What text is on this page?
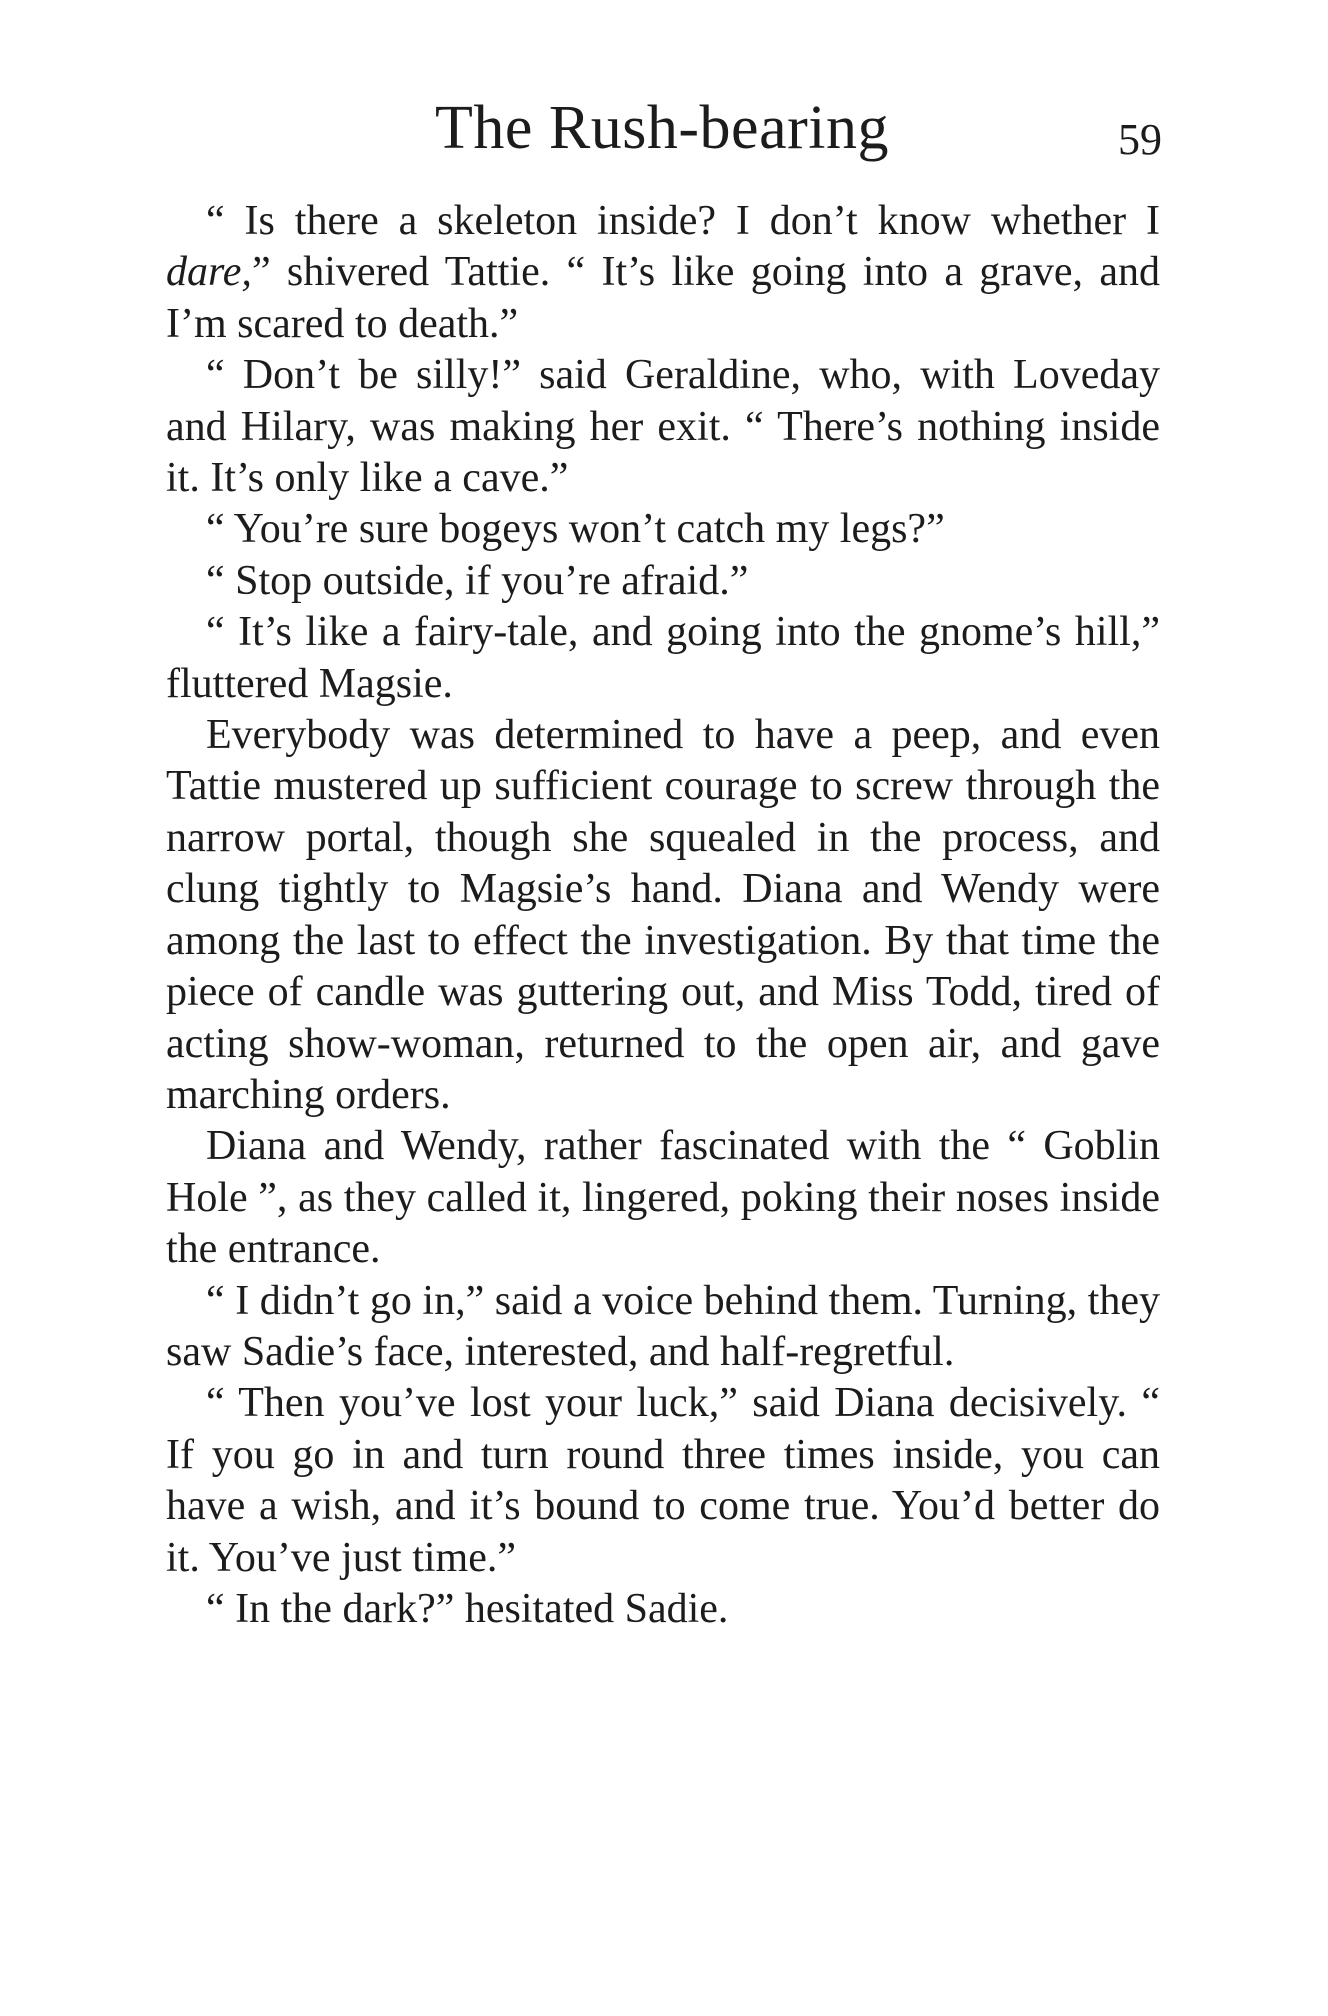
The Rush-bearing	59

“ Is there a skeleton inside? I don’t know whether I dare,” shivered Tattie. “ It’s like going into a grave, and I’m scared to death.”

“ Don’t be silly!” said Geraldine, who, with Loveday and Hilary, was making her exit. “ There’s nothing inside it. It’s only like a cave.”

“ You’re sure bogeys won’t catch my legs?”

“ Stop outside, if you’re afraid.”

“ It’s like a fairy-tale, and going into the gnome’s hill,” fluttered Magsie.

Everybody was determined to have a peep, and even Tattie mustered up sufficient courage to screw through the narrow portal, though she squealed in the process, and clung tightly to Magsie’s hand. Diana and Wendy were among the last to effect the investigation. By that time the piece of candle was guttering out, and Miss Todd, tired of acting show-woman, returned to the open air, and gave marching orders.

Diana and Wendy, rather fascinated with the “ Goblin Hole ”, as they called it, lingered, poking their noses inside the entrance.

“ I didn’t go in,” said a voice behind them. Turning, they saw Sadie’s face, interested, and half-regretful.

“ Then you’ve lost your luck,” said Diana decisively. “ If you go in and turn round three times inside, you can have a wish, and it’s bound to come true. You’d better do it. You’ve just time.”

“ In the dark?” hesitated Sadie.
